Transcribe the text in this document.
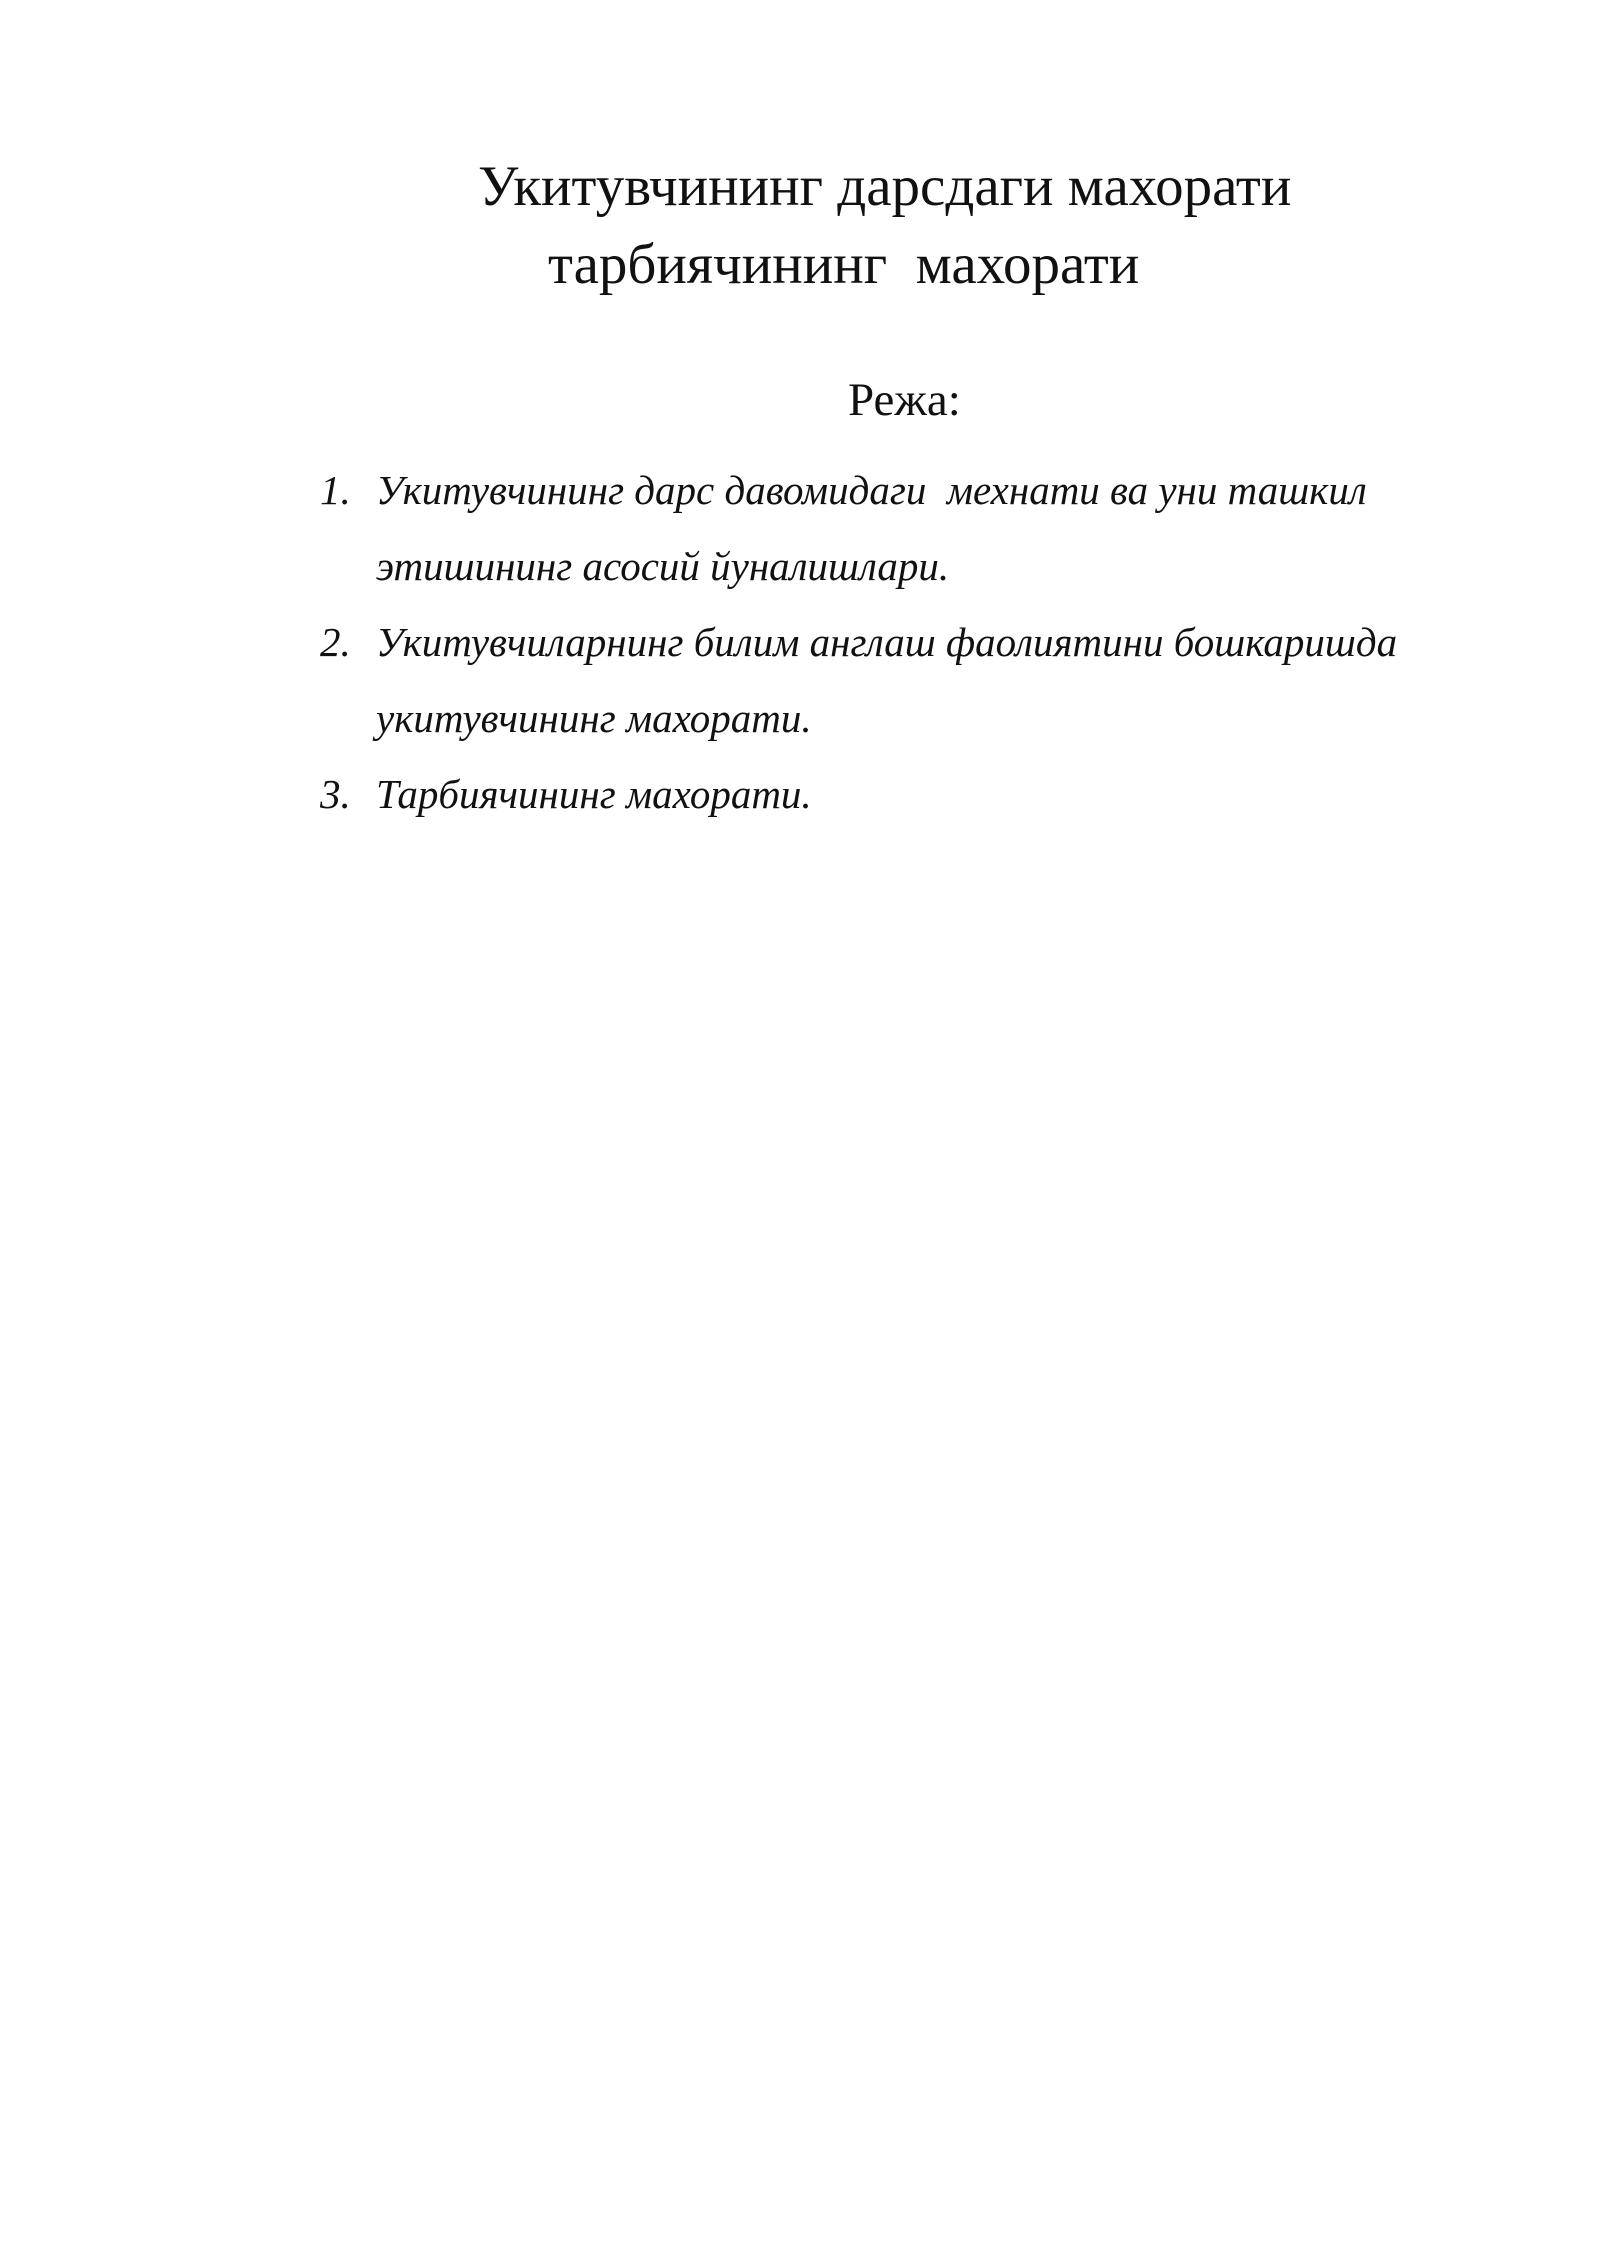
Укитувчининг дарсдаги махорати
тарбиячининг  махорати
Режа:
1. Укитувчининг дарс давомидаги  мехнати ва уни ташкил
этишининг асосий йуналишлари.
2. Укитувчиларнинг билим англаш фаолиятини бошкаришда
укитувчининг махорати.
3. Тарбиячининг махорати.
